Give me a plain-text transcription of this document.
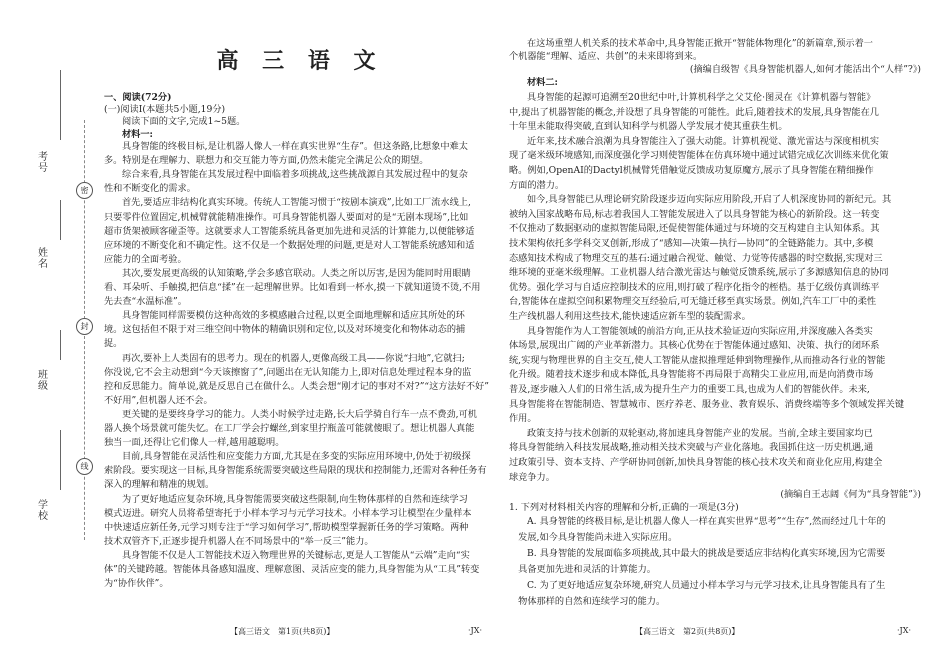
密
封
线
考号
姓名
班级
学校
高 三 语 文
一、阅读(72分)
(一)阅读Ⅰ(本题共5小题,19分)
阅读下面的文字,完成1~5题。
材料一:
具身智能的终极目标,是让机器人像人一样在真实世界“生存”。但这条路,比想象中难太
多。特别是在理解力、联想力和交互能力等方面,仍然未能完全满足公众的期望。
综合来看,具身智能在其发展过程中面临着多项挑战,这些挑战源自其发展过程中的复杂
性和不断变化的需求。
首先,要适应非结构化真实环境。传统人工智能习惯于“按剧本演戏”,比如工厂流水线上,
只要零件位置固定,机械臂就能精准操作。可具身智能机器人要面对的是“无剧本现场”,比如
超市货架被顾客碰歪等。这就要求人工智能系统具备更加先进和灵活的计算能力,以便能够适
应环境的不断变化和不确定性。这不仅是一个数据处理的问题,更是对人工智能系统感知和适
应能力的全面考验。
其次,要发展更高级的认知策略,学会多感官联动。人类之所以厉害,是因为能同时用眼睛
看、耳朵听、手触摸,把信息“揉”在一起理解世界。比如看到一杯水,摸一下就知道烫不烫,不用
先去查“水温标准”。
具身智能同样需要模仿这种高效的多模感融合过程,以更全面地理解和适应其所处的环
境。这包括但不限于对三维空间中物体的精确识别和定位,以及对环境变化和物体动态的捕
捉。
再次,要补上人类固有的思考力。现在的机器人,更像高级工具——你说“扫地”,它就扫;
你没说,它不会主动想到“今天该擦窗了”,问题出在无认知能力上,即对信息处理过程本身的监
控和反思能力。简单说,就是反思自己在做什么。人类会想“刚才记的事对不对?”“这方法好不好”
不好用”,但机器人还不会。
更关键的是要终身学习的能力。人类小时候学过走路,长大后学骑自行车一点不费劲,可机
器人换个场景就可能失忆。在工厂学会拧螺丝,到家里拧瓶盖可能就傻眼了。想让机器人真能
独当一面,还得让它们像人一样,越用越聪明。
目前,具身智能在灵活性和应变能力方面,尤其是在多变的实际应用环境中,仍处于初级探
索阶段。要实现这一目标,具身智能系统需要突破这些局限的现状和控制能力,还需对各种任务有
深入的理解和精准的规划。
为了更好地适应复杂环境,具身智能需要突破这些限制,向生物体那样的自然和连续学习
模式迈进。研究人员将希望寄托于小样本学习与元学习技术。小样本学习让模型在少量样本
中快速适应新任务,元学习则专注于“学习如何学习”,帮助模型掌握新任务的学习策略。两种
技术双管齐下,正逐步提升机器人在不同场景中的“举一反三”能力。
具身智能不仅是人工智能技术迈入物理世界的关键标志,更是人工智能从“云端”走向“实
体”的关键跨越。智能体具备感知温度、理解意图、灵活应变的能力,具身智能为从“工具”转变
为“协作伙伴”。
【高三语文　第1页(共8页)】	·JX·
在这场重塑人机关系的技术革命中,具身智能正掀开“智能体物理化”的新篇章,预示着一
个机器能“理解、适应、共创”的未来即将到来。
(摘编自级智《具身智能机器人,如何才能活出个“人样”?》)
材料二:
具身智能的起源可追溯至20世纪中叶,计算机科学之父艾伦·图灵在《计算机器与智能》
中,提出了机器智能的概念,并设想了具身智能的可能性。此后,随着技术的发展,具身智能在几
十年里未能取得突破,直到认知科学与机器人学发展才使其重获生机。
近年来,技术融合浪潮为具身智能注入了强大动能。计算机视觉、激光雷达与深度相机实
现了毫米级环境感知,而深度强化学习则使智能体在仿真环境中通过试错完成亿次训练来优化策
略。例如,OpenAI的Dactyl机械臂凭借触觉反馈成功复原魔方,展示了具身智能在精细操作
方面的潜力。
如今,具身智能已从理论研究阶段逐步迈向实际应用阶段,开启了人机深度协同的新纪元。其
被纳入国家战略布局,标志着我国人工智能发展进入了以具身智能为核心的新阶段。这一转变
不仅推动了数据驱动的虚拟智能局限,还促使智能体通过与环境的交互构建自主认知体系。其
技术架构依托多学科交叉创新,形成了“感知—决策—执行—协同”的全链路能力。其中,多模
态感知技术构成了物理交互的基石:通过融合视觉、触觉、力觉等传感器的时空数据,实现对三
维环境的亚毫米级理解。工业机器人结合激光雷达与触觉反馈系统,展示了多源感知信息的协同
优势。强化学习与自适应控制技术的应用,则打破了程序化指令的桎梏。基于亿级仿真训练平
台,智能体在虚拟空间积累物理交互经验后,可无缝迁移至真实场景。例如,汽车工厂中的柔性
生产线机器人利用这些技术,能快速适应新车型的装配需求。
具身智能作为人工智能领域的前沿方向,正从技术验证迈向实际应用,并深度融入各类实
体场景,展现出广阔的产业革新潜力。其核心优势在于智能体通过感知、决策、执行的闭环系
统,实现与物理世界的自主交互,使人工智能从虚拟推理延伸到物理操作,从而推动各行业的智能
化升级。随着技术逐步和成本降低,具身智能将不再局限于高精尖工业应用,而是向消费市场
普及,逐步融入人们的日常生活,成为提升生产力的重要工具,也成为人们的智能伙伴。未来,
具身智能将在智能制造、智慧城市、医疗养老、服务业、教育娱乐、消费终端等多个领域发挥关键
作用。
政策支持与技术创新的双轮驱动,将加速具身智能产业的发展。当前,全球主要国家均已
将具身智能纳入科技发展战略,推动相关技术突破与产业化落地。我国抓住这一历史机遇,通
过政策引导、资本支持、产学研协同创新,加快具身智能的核心技术攻关和商业化应用,构建全
球竞争力。
(摘编自王志阔《何为“具身智能”》)
1. 下列对材料相关内容的理解和分析,正确的一项是(3分)
A. 具身智能的终极目标,是让机器人像人一样在真实世界“思考”“生存”,然而经过几十年的
　发展,如今具身智能尚未进入实际应用。
B. 具身智能的发展面临多项挑战,其中最大的挑战是要适应非结构化真实环境,因为它需要
　具备更加先进和灵活的计算能力。
C. 为了更好地适应复杂环境,研究人员通过小样本学习与元学习技术,让具身智能具有了生
　物体那样的自然和连续学习的能力。
【高三语文　第2页(共8页)】	·JX·
